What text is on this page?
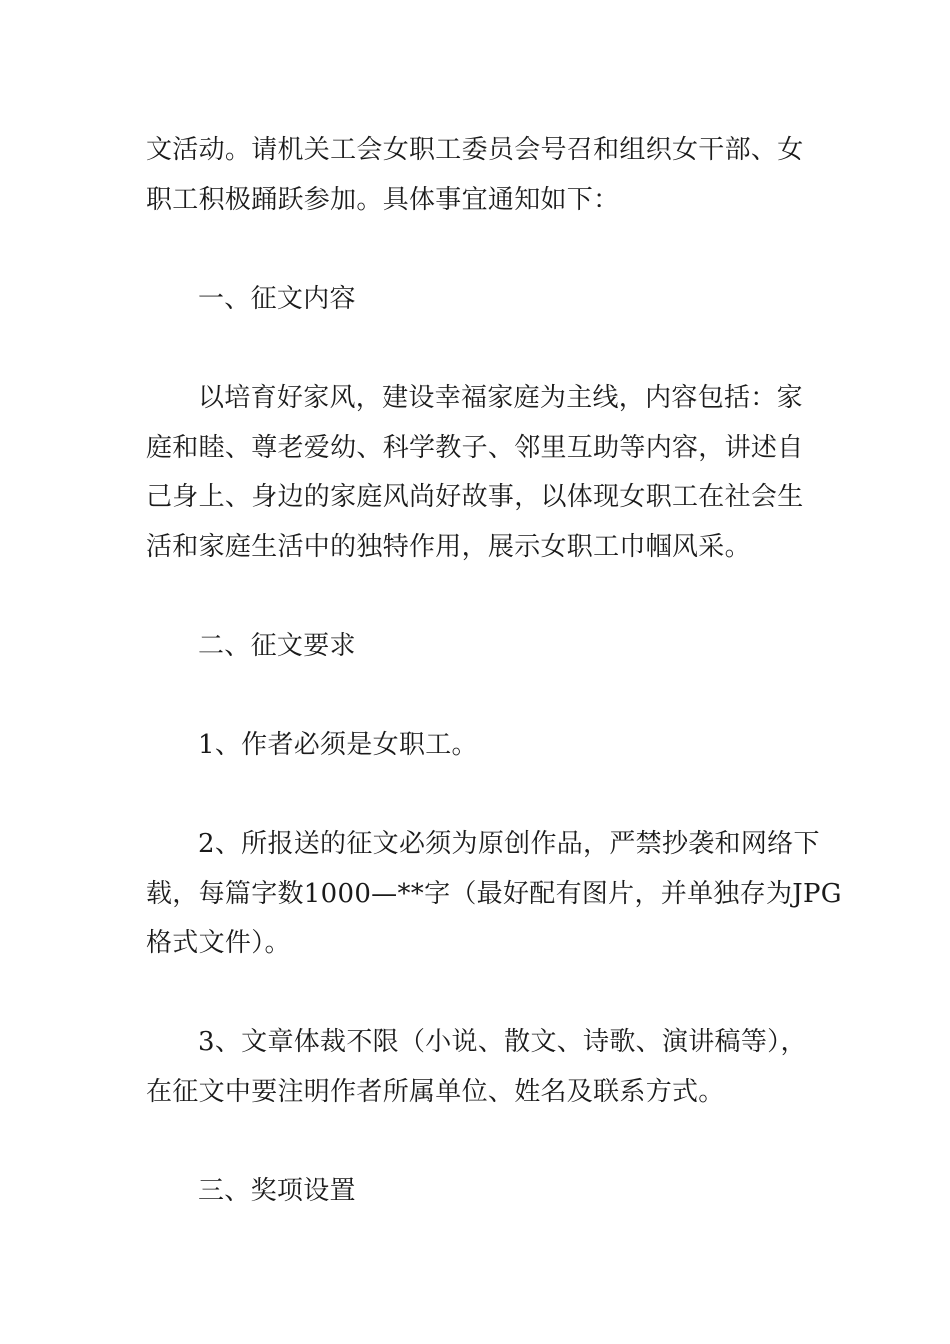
文活动。请机关工会女职工委员会号召和组织女干部、女
职工积极踊跃参加。具体事宜通知如下：

一、征文内容

以培育好家风，建设幸福家庭为主线，内容包括：家
庭和睦、尊老爱幼、科学教子、邻里互助等内容，讲述自
己身上、身边的家庭风尚好故事，以体现女职工在社会生
活和家庭生活中的独特作用，展示女职工巾帼风采。

二、征文要求

1、作者必须是女职工。

2、所报送的征文必须为原创作品，严禁抄袭和网络下
载，每篇字数1000—**字（最好配有图片，并单独存为JPG
格式文件）。

3、文章体裁不限（小说、散文、诗歌、演讲稿等），
在征文中要注明作者所属单位、姓名及联系方式。

三、奖项设置
